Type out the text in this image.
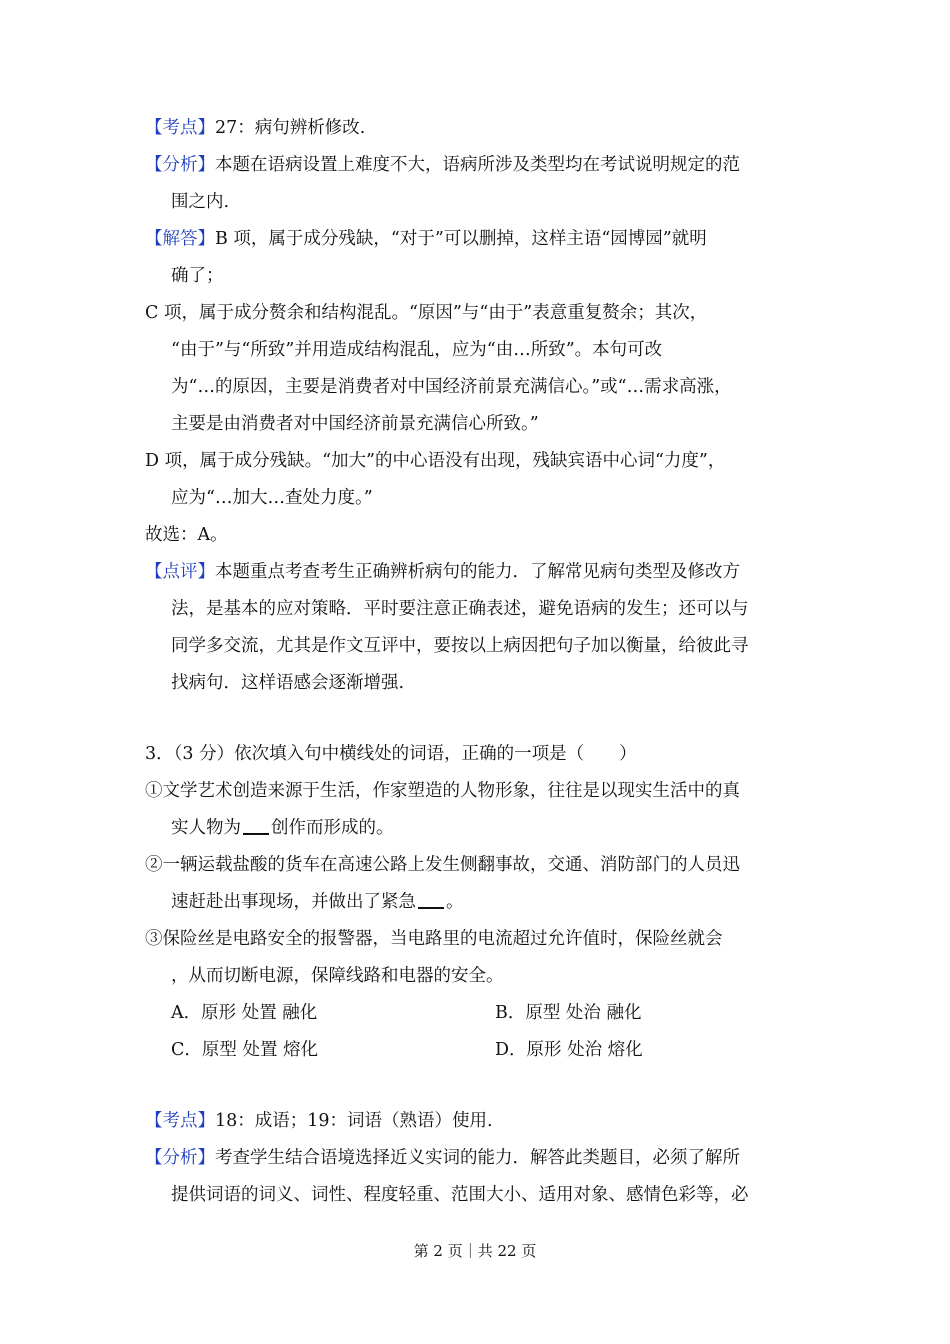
【考点】27：病句辨析修改.

【分析】本题在语病设置上难度不大，语病所涉及类型均在考试说明规定的范
围之内.

【解答】B 项，属于成分残缺，“对于”可以删掉，这样主语“园博园”就明
确了；

C 项，属于成分赘余和结构混乱。“原因”与“由于”表意重复赘余；其次，
“由于”与“所致”并用造成结构混乱，应为“由…所致”。本句可改
为“…的原因，主要是消费者对中国经济前景充满信心。”或“…需求高涨，
主要是由消费者对中国经济前景充满信心所致。”

D 项，属于成分残缺。“加大”的中心语没有出现，残缺宾语中心词“力度”，
应为“…加大…查处力度。”

故选：A。

【点评】本题重点考查考生正确辨析病句的能力．了解常见病句类型及修改方
法，是基本的应对策略．平时要注意正确表述，避免语病的发生；还可以与
同学多交流，尤其是作文互评中，要按以上病因把句子加以衡量，给彼此寻
找病句．这样语感会逐渐增强.

3．（3 分）依次填入句中横线处的词语，正确的一项是（　　）

①文学艺术创造来源于生活，作家塑造的人物形象，往往是以现实生活中的真
实人物为 创作而形成的。

②一辆运载盐酸的货车在高速公路上发生侧翻事故，交通、消防部门的人员迅
速赶赴出事现场，并做出了紧急 。

③保险丝是电路安全的报警器，当电路里的电流超过允许值时，保险丝就会
，从而切断电源，保障线路和电器的安全。

A．原形 处置 融化	B．原型 处治 融化
C．原型 处置 熔化	D．原形 处治 熔化

【考点】18：成语；19：词语（熟语）使用.

【分析】考查学生结合语境选择近义实词的能力．解答此类题目，必须了解所
提供词语的词义、词性、程度轻重、范围大小、适用对象、感情色彩等，必

第 2 页｜共 22 页
